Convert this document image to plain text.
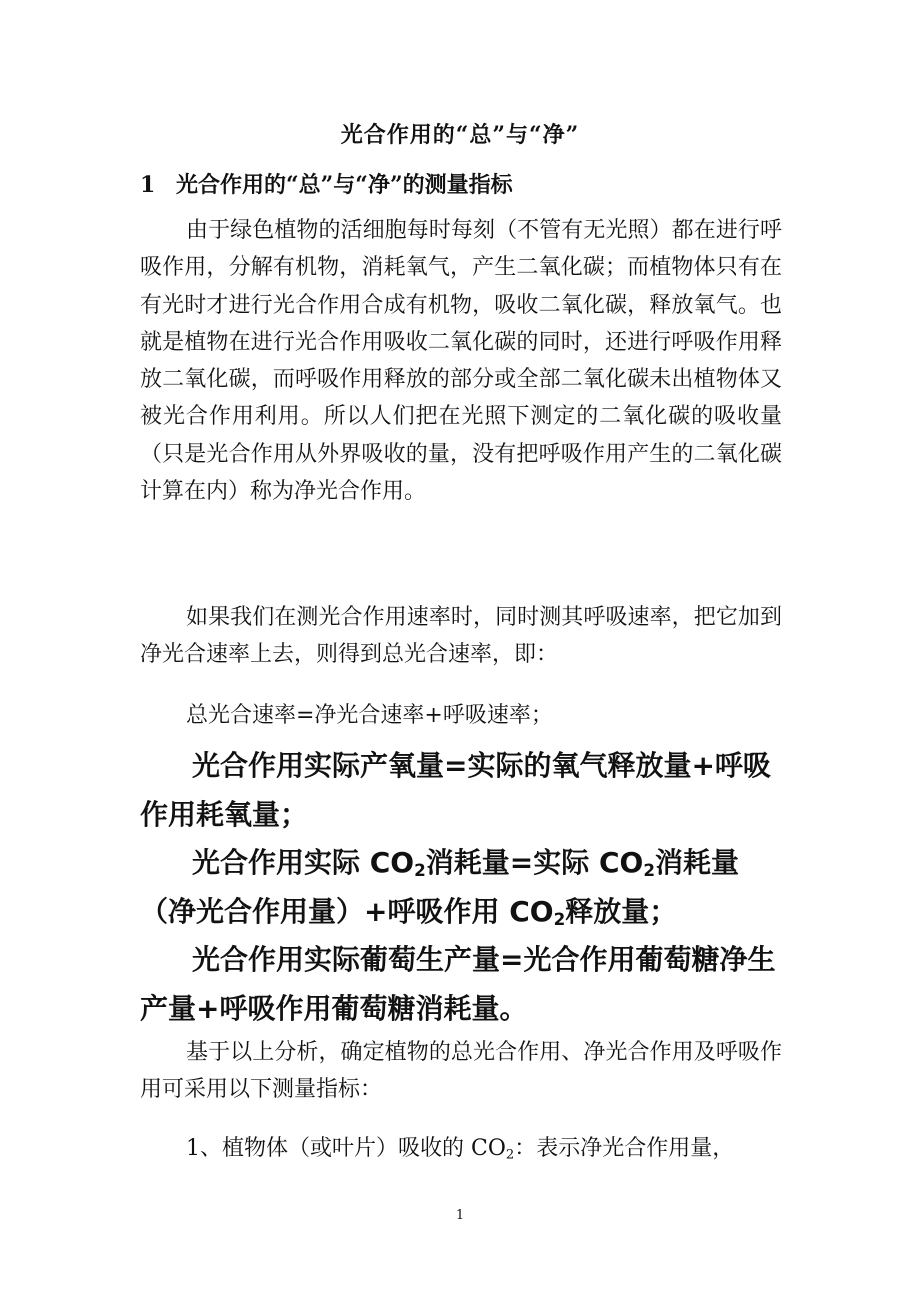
光合作用的“总”与“净”
1 光合作用的“总”与“净”的测量指标

由于绿色植物的活细胞每时每刻（不管有无光照）都在进行呼吸作用，分解有机物，消耗氧气，产生二氧化碳；而植物体只有在有光时才进行光合作用合成有机物，吸收二氧化碳，释放氧气。也就是植物在进行光合作用吸收二氧化碳的同时，还进行呼吸作用释放二氧化碳，而呼吸作用释放的部分或全部二氧化碳未出植物体又被光合作用利用。所以人们把在光照下测定的二氧化碳的吸收量（只是光合作用从外界吸收的量，没有把呼吸作用产生的二氧化碳计算在内）称为净光合作用。

如果我们在测光合作用速率时，同时测其呼吸速率，把它加到净光合速率上去，则得到总光合速率，即：

总光合速率=净光合速率+呼吸速率；

光合作用实际产氧量=实际的氧气释放量+呼吸作用耗氧量；

光合作用实际 $CO_2$消耗量=实际 $CO_2$消耗量（净光合作用量）+呼吸作用 $CO_2$释放量；

光合作用实际葡萄生产量=光合作用葡萄糖净生产量+呼吸作用葡萄糖消耗量。

基于以上分析，确定植物的总光合作用、净光合作用及呼吸作用可采用以下测量指标：

1、植物体（或叶片）吸收的 $CO_2$：表示净光合作用量，

1
